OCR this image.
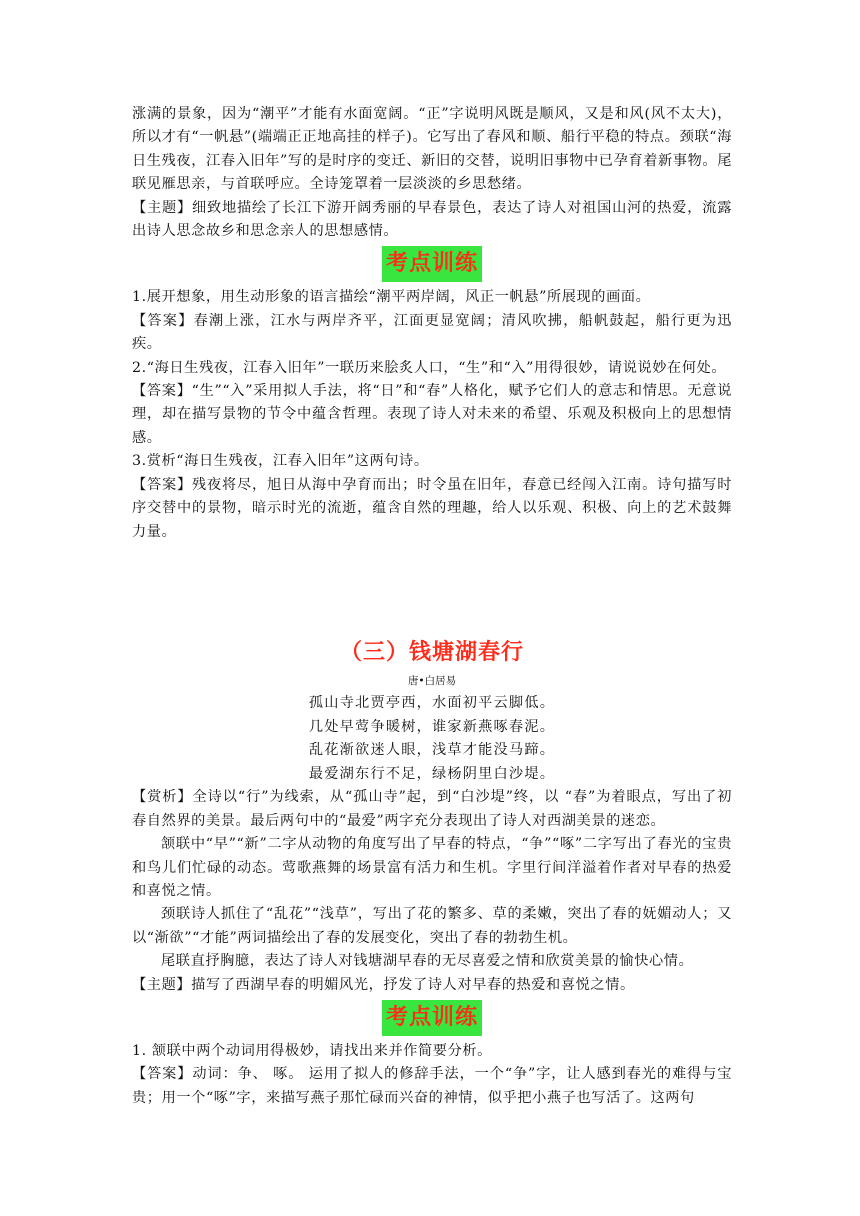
涨满的景象，因为“潮平”才能有水面宽阔。“正”字说明风既是顺风，又是和风(风不太大)，所以才有“一帆悬”(端端正正地高挂的样子)。它写出了春风和顺、船行平稳的特点。颈联“海日生残夜，江春入旧年”写的是时序的变迁、新旧的交替，说明旧事物中已孕育着新事物。尾联见雁思亲，与首联呼应。全诗笼罩着一层淡淡的乡思愁绪。

【主题】细致地描绘了长江下游开阔秀丽的早春景色，表达了诗人对祖国山河的热爱，流露出诗人思念故乡和思念亲人的思想感情。

考点训练

1.展开想象，用生动形象的语言描绘“潮平两岸阔，风正一帆悬”所展现的画面。

【答案】春潮上涨，江水与两岸齐平，江面更显宽阔；清风吹拂，船帆鼓起，船行更为迅疾。

2.“海日生残夜，江春入旧年”一联历来脍炙人口，“生”和“入”用得很妙，请说说妙在何处。

【答案】“生”“入”采用拟人手法，将“日”和“春”人格化，赋予它们人的意志和情思。无意说理，却在描写景物的节令中蕴含哲理。表现了诗人对未来的希望、乐观及积极向上的思想情感。

3.赏析“海日生残夜，江春入旧年”这两句诗。

【答案】残夜将尽，旭日从海中孕育而出；时令虽在旧年，春意已经闯入江南。诗句描写时序交替中的景物，暗示时光的流逝，蕴含自然的理趣，给人以乐观、积极、向上的艺术鼓舞力量。

（三）钱塘湖春行
唐•白居易

孤山寺北贾亭西，水面初平云脚低。

几处早莺争暖树，谁家新燕啄春泥。

乱花渐欲迷人眼，浅草才能没马蹄。

最爱湖东行不足，绿杨阴里白沙堤。

【赏析】全诗以“行”为线索，从“孤山寺”起，到“白沙堤”终，以 “春”为着眼点，写出了初春自然界的美景。最后两句中的“最爱”两字充分表现出了诗人对西湖美景的迷恋。

颔联中“早”“新”二字从动物的角度写出了早春的特点，“争”“啄”二字写出了春光的宝贵和鸟儿们忙碌的动态。莺歌燕舞的场景富有活力和生机。字里行间洋溢着作者对早春的热爱和喜悦之情。

颈联诗人抓住了“乱花”“浅草”，写出了花的繁多、草的柔嫩，突出了春的妩媚动人；又以“渐欲”“才能”两词描绘出了春的发展变化，突出了春的勃勃生机。

尾联直抒胸臆，表达了诗人对钱塘湖早春的无尽喜爱之情和欣赏美景的愉快心情。

【主题】描写了西湖早春的明媚风光，抒发了诗人对早春的热爱和喜悦之情。

考点训练

1. 颔联中两个动词用得极妙，请找出来并作简要分析。

【答案】动词：争、 啄。 运用了拟人的修辞手法，一个“争”字，让人感到春光的难得与宝贵；用一个“啄”字，来描写燕子那忙碌而兴奋的神情，似乎把小燕子也写活了。这两句
